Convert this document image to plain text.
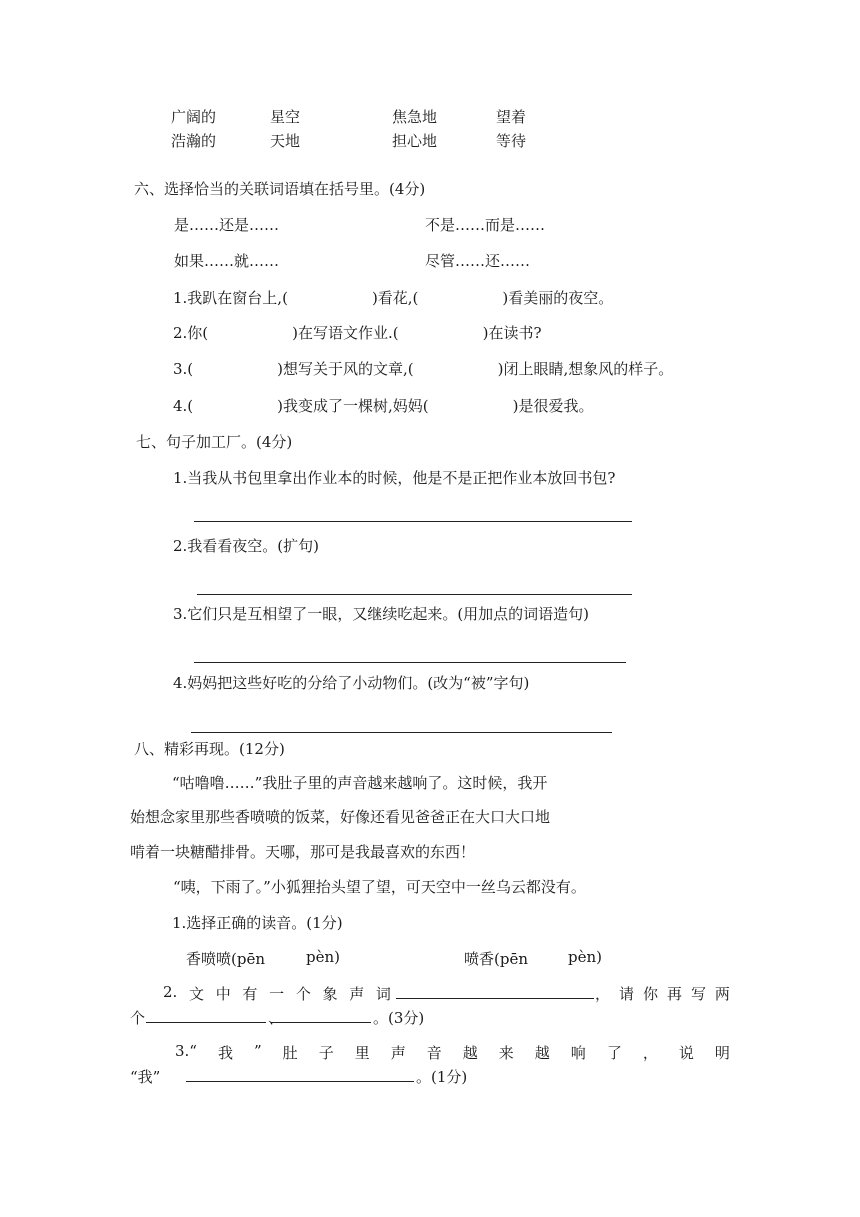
广阔的	星空	焦急地	望着
浩瀚的	天地	担心地	等待
六、选择恰当的关联词语填在括号里。(4分)
是……还是……	不是……而是……
如果……就……	尽管……还……
1.我趴在窗台上,(	)看花,(	)看美丽的夜空。
2.你(	)在写语文作业.(	)在读书?
3.(	)想写关于风的文章,(	)闭上眼睛,想象风的样子。
4.(	)我变成了一棵树,妈妈(	)是很爱我。
七、句子加工厂。(4分)
1.当我从书包里拿出作业本的时候，他是不是正把作业本放回书包?
2.我看看夜空。(扩句)
3.它们只是互相望了一眼，又继续吃起来。(用加点的词语造句)
4.妈妈把这些好吃的分给了小动物们。(改为“被”字句)
八、精彩再现。(12分)
“咕噜噜……”我肚子里的声音越来越响了。这时候，我开
始想念家里那些香喷喷的饭菜，好像还看见爸爸正在大口大口地
啃着一块糖醋排骨。天哪，那可是我最喜欢的东西！
“咦，下雨了。”小狐狸抬头望了望，可天空中一丝乌云都没有。
1.选择正确的读音。(1分)
香喷喷(pēn	pèn)	喷香(pēn	pèn)
2. 文 中 有 一 个 象 声 词	， 请 你 再 写 两
个	、	。(3分)
3.“ 我 ” 肚 子 里 声 音 越 来 越 响 了 ， 说 明
“我”	。(1分)
